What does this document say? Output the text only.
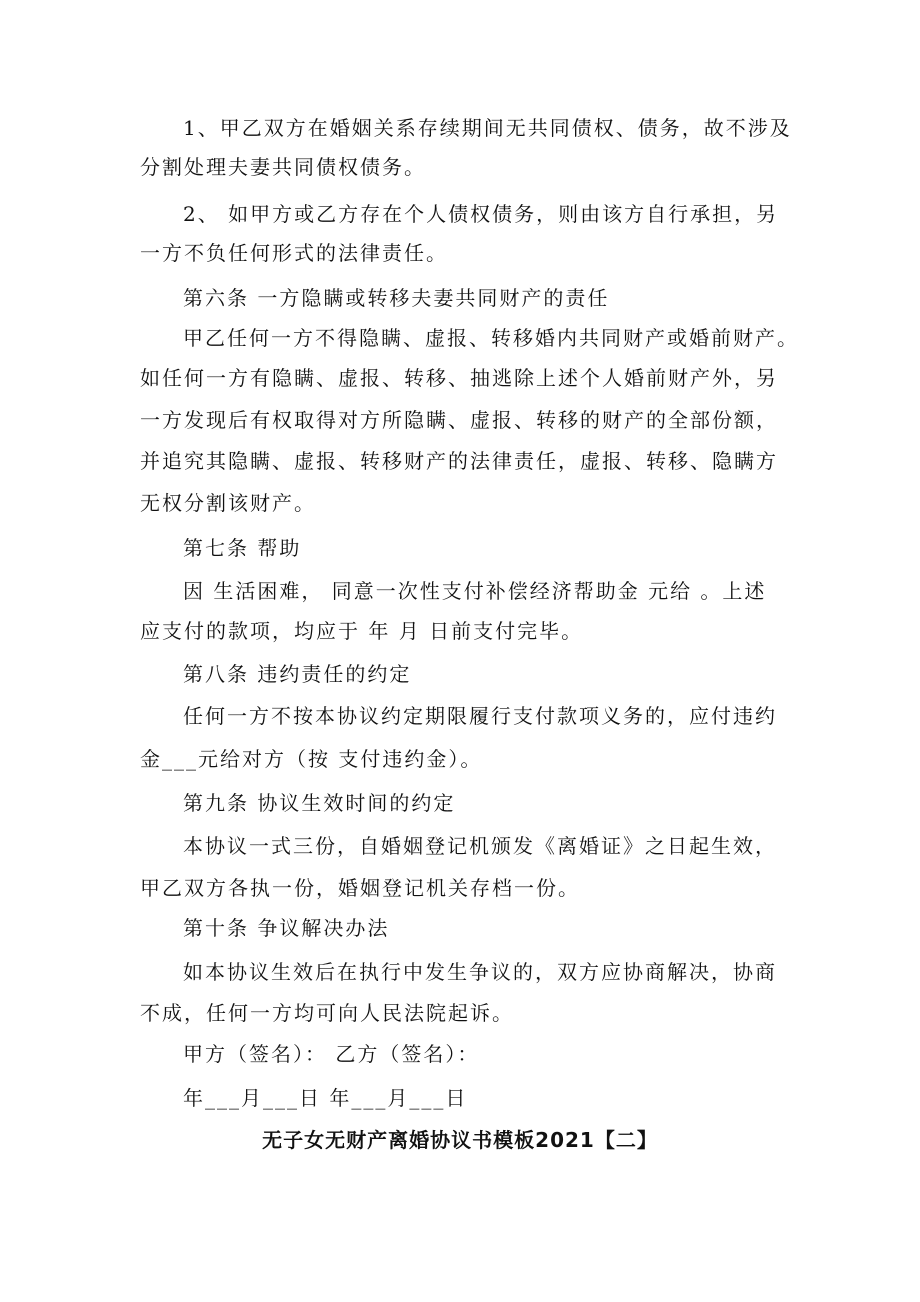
1、甲乙双方在婚姻关系存续期间无共同债权、债务，故不涉及
分割处理夫妻共同债权债务。
2、 如甲方或乙方存在个人债权债务，则由该方自行承担，另
一方不负任何形式的法律责任。
第六条 一方隐瞒或转移夫妻共同财产的责任
甲乙任何一方不得隐瞒、虚报、转移婚内共同财产或婚前财产。
如任何一方有隐瞒、虚报、转移、抽逃除上述个人婚前财产外，另
一方发现后有权取得对方所隐瞒、虚报、转移的财产的全部份额，
并追究其隐瞒、虚报、转移财产的法律责任，虚报、转移、隐瞒方
无权分割该财产。
第七条 帮助
因 生活困难， 同意一次性支付补偿经济帮助金 元给 。上述
应支付的款项，均应于 年 月 日前支付完毕。
第八条 违约责任的约定
任何一方不按本协议约定期限履行支付款项义务的，应付违约
金___元给对方（按 支付违约金）。
第九条 协议生效时间的约定
本协议一式三份，自婚姻登记机颁发《离婚证》之日起生效，
甲乙双方各执一份，婚姻登记机关存档一份。
第十条 争议解决办法
如本协议生效后在执行中发生争议的，双方应协商解决，协商
不成，任何一方均可向人民法院起诉。
甲方（签名）： 乙方（签名）：
年___月___日 年___月___日
无子女无财产离婚协议书模板2021【二】
